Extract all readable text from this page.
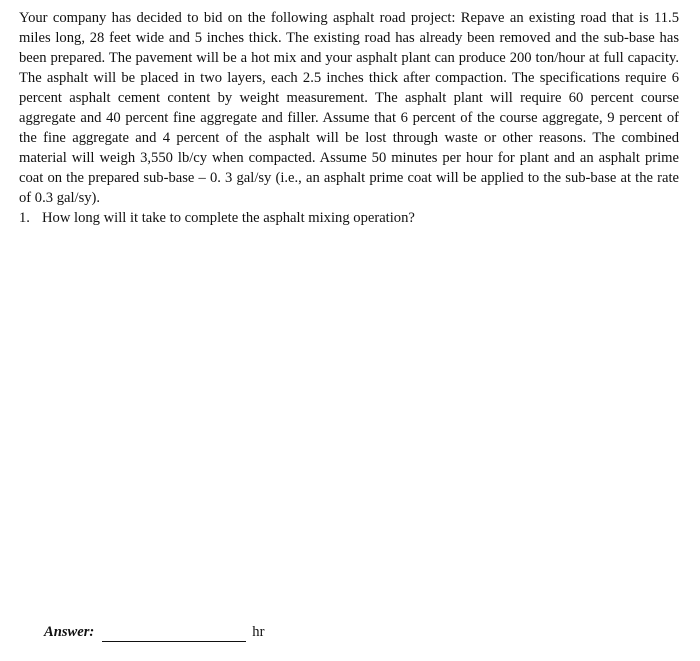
Your company has decided to bid on the following asphalt road project: Repave an existing road that is 11.5 miles long, 28 feet wide and 5 inches thick. The existing road has already been removed and the sub-base has been prepared. The pavement will be a hot mix and your asphalt plant can produce 200 ton/hour at full capacity. The asphalt will be placed in two layers, each 2.5 inches thick after compaction. The specifications require 6 percent asphalt cement content by weight measurement. The asphalt plant will require 60 percent course aggregate and 40 percent fine aggregate and filler. Assume that 6 percent of the course aggregate, 9 percent of the fine aggregate and 4 percent of the asphalt will be lost through waste or other reasons. The combined material will weigh 3,550 lb/cy when compacted. Assume 50 minutes per hour for plant and an asphalt prime coat on the prepared sub-base – 0. 3 gal/sy (i.e., an asphalt prime coat will be applied to the sub-base at the rate of 0.3 gal/sy).

1. How long will it take to complete the asphalt mixing operation?
Answer:	hr
